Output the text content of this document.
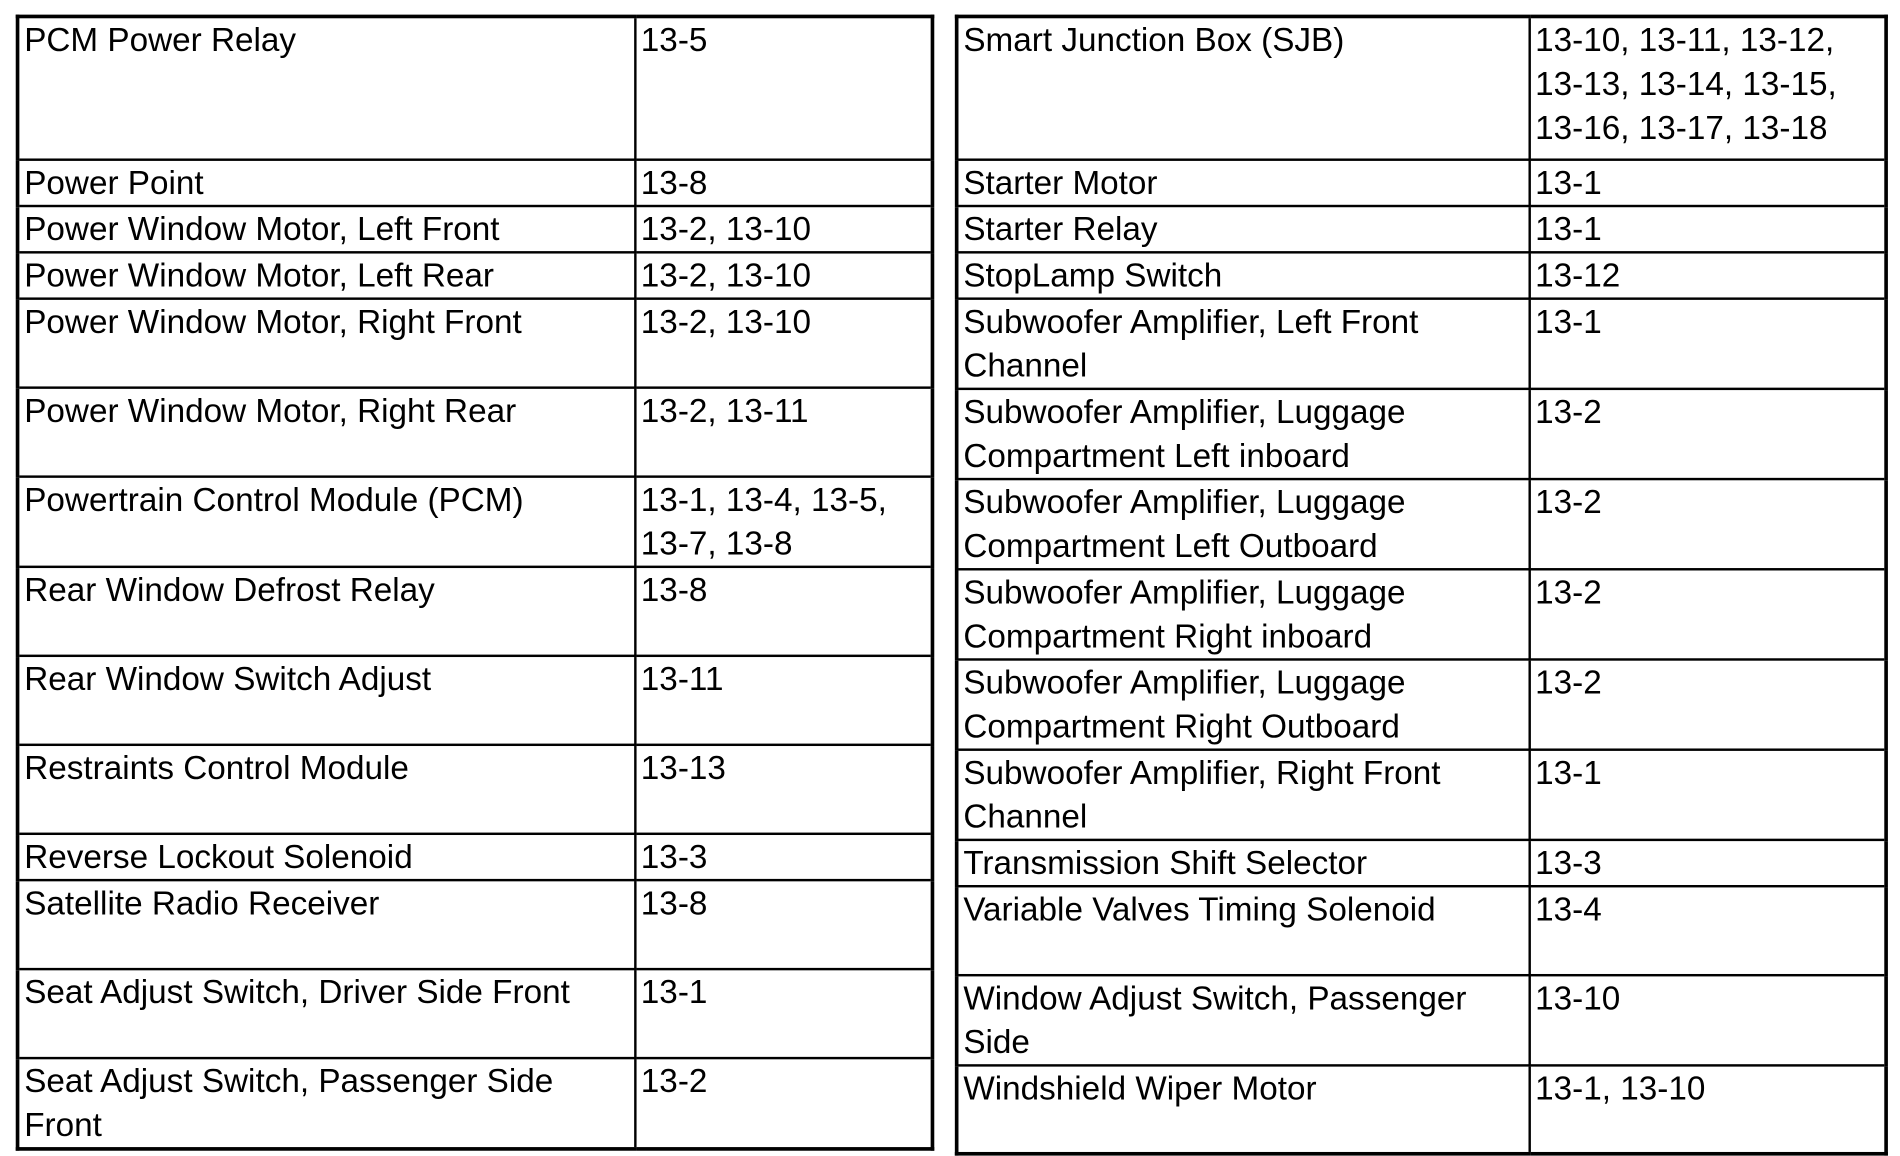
PCM Power Relay	13-5
Power Point	13-8
Power Window Motor, Left Front	13-2, 13-10
Power Window Motor, Left Rear	13-2, 13-10
Power Window Motor, Right Front	13-2, 13-10
Power Window Motor, Right Rear	13-2, 13-11
Powertrain Control Module (PCM)	13-1, 13-4, 13-5,
13-7, 13-8
Rear Window Defrost Relay	13-8
Rear Window Switch Adjust	13-11
Restraints Control Module	13-13
Reverse Lockout Solenoid	13-3
Satellite Radio Receiver	13-8
Seat Adjust Switch, Driver Side Front	13-1
Seat Adjust Switch, Passenger Side
Front	13-2
Smart Junction Box (SJB)	13-10, 13-11, 13-12,
13-13, 13-14, 13-15,
13-16, 13-17, 13-18
Starter Motor	13-1
Starter Relay	13-1
StopLamp Switch	13-12
Subwoofer Amplifier, Left Front
Channel	13-1
Subwoofer Amplifier, Luggage
Compartment Left inboard	13-2
Subwoofer Amplifier, Luggage
Compartment Left Outboard	13-2
Subwoofer Amplifier, Luggage
Compartment Right inboard	13-2
Subwoofer Amplifier, Luggage
Compartment Right Outboard	13-2
Subwoofer Amplifier, Right Front
Channel	13-1
Transmission Shift Selector	13-3
Variable Valves Timing Solenoid	13-4
Window Adjust Switch, Passenger
Side	13-10
Windshield Wiper Motor	13-1, 13-10
